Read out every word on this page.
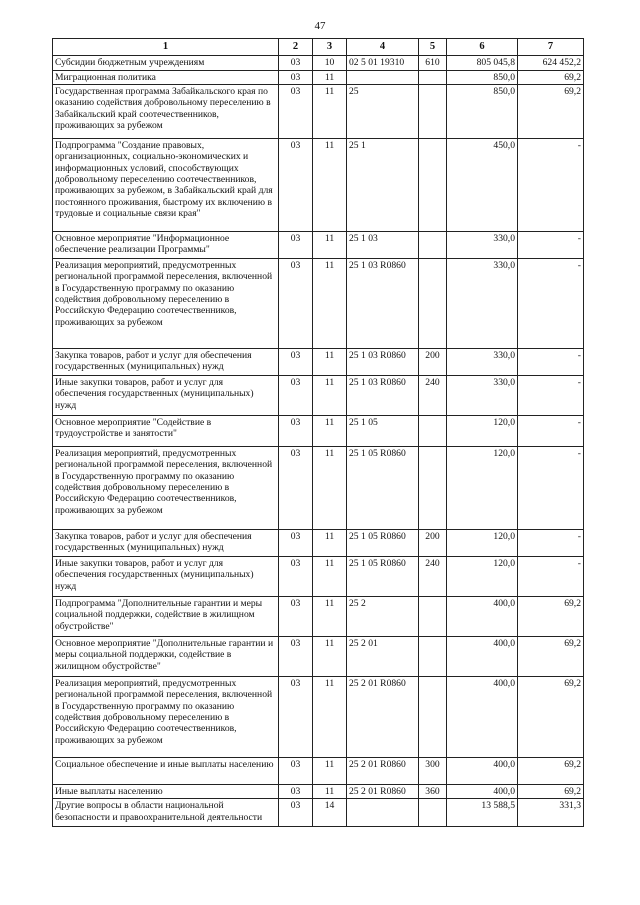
47
1	2	3	4	5	6	7
Субсидии бюджетным учреждениям	03	10	02 5 01 19310	610	805 045,8	624 452,2
Миграционная политика	03	11			850,0	69,2
Государственная программа Забайкальского края по оказанию содействия добровольному переселению в Забайкальский край соотечественников, проживающих за рубежом	03	11	25		850,0	69,2
Подпрограмма "Создание правовых, организационных, социально-экономических и информационных условий, способствующих добровольному переселению соотечественников, проживающих за рубежом, в Забайкальский край для постоянного проживания, быстрому их включению в трудовые и социальные связи края"	03	11	25 1		450,0	-
Основное мероприятие "Информационное обеспечение реализации Программы"	03	11	25 1 03		330,0	-
Реализация мероприятий, предусмотренных региональной программой переселения, включенной в Государственную программу по оказанию содействия добровольному переселению в Российскую Федерацию соотечественников, проживающих за рубежом	03	11	25 1 03 R0860		330,0	-
Закупка товаров, работ и услуг для обеспечения государственных (муниципальных) нужд	03	11	25 1 03 R0860	200	330,0	-
Иные закупки товаров, работ и услуг для обеспечения государственных (муниципальных) нужд	03	11	25 1 03 R0860	240	330,0	-
Основное мероприятие "Содействие в трудоустройстве и занятости"	03	11	25 1 05		120,0	-
Реализация мероприятий, предусмотренных региональной программой переселения, включенной в Государственную программу по оказанию содействия добровольному переселению в Российскую Федерацию соотечественников, проживающих за рубежом	03	11	25 1 05 R0860		120,0	-
Закупка товаров, работ и услуг для обеспечения государственных (муниципальных) нужд	03	11	25 1 05 R0860	200	120,0	-
Иные закупки товаров, работ и услуг для обеспечения государственных (муниципальных) нужд	03	11	25 1 05 R0860	240	120,0	-
Подпрограмма "Дополнительные гарантии и меры социальной поддержки, содействие в жилищном обустройстве"	03	11	25 2		400,0	69,2
Основное мероприятие "Дополнительные гарантии и меры социальной поддержки, содействие в жилищном обустройстве"	03	11	25 2 01		400,0	69,2
Реализация мероприятий, предусмотренных региональной программой переселения, включенной в Государственную программу по оказанию содействия добровольному переселению в Российскую Федерацию соотечественников, проживающих за рубежом	03	11	25 2 01 R0860		400,0	69,2
Социальное обеспечение и иные выплаты населению	03	11	25 2 01 R0860	300	400,0	69,2
Иные выплаты населению	03	11	25 2 01 R0860	360	400,0	69,2
Другие вопросы в области национальной безопасности и правоохранительной деятельности	03	14			13 588,5	331,3
